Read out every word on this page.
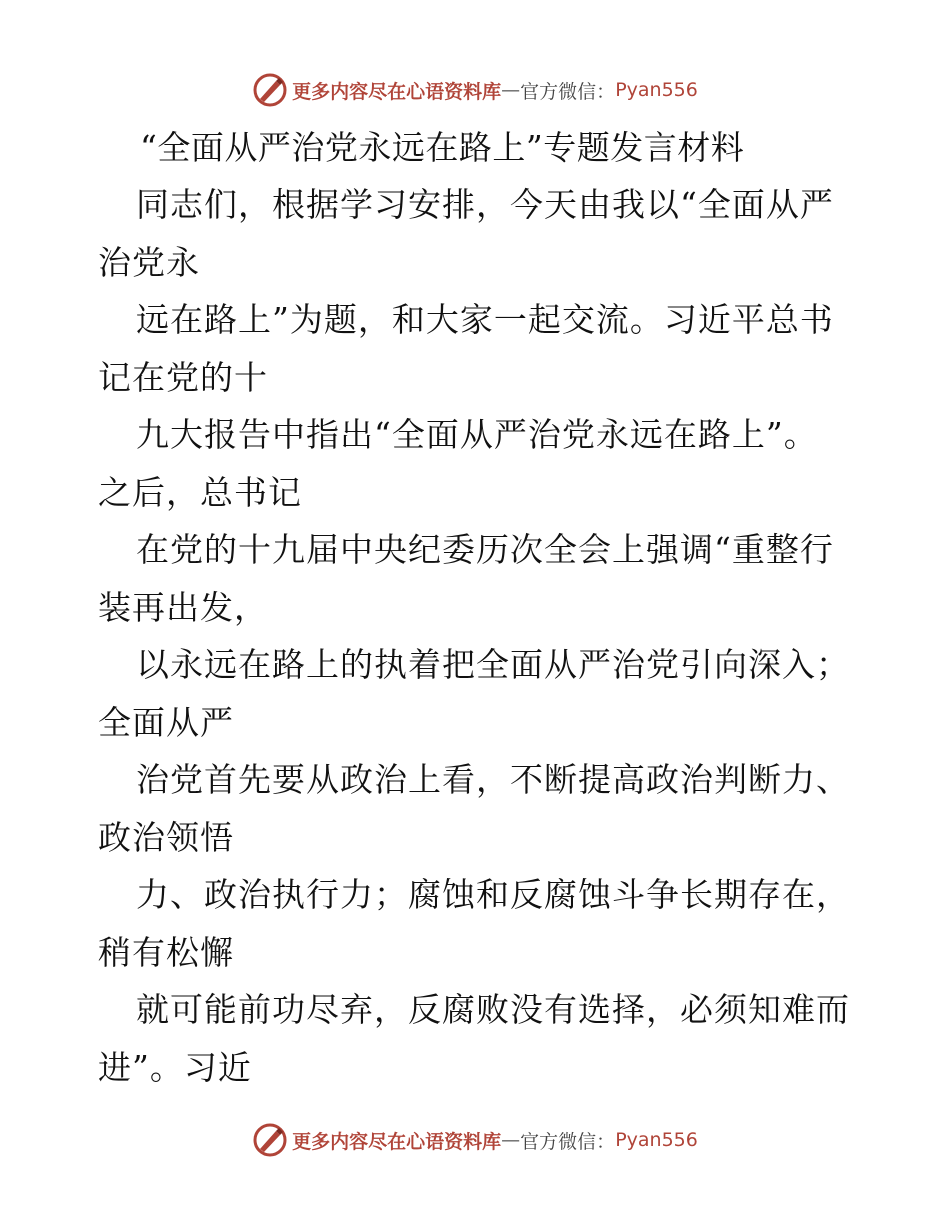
更多内容尽在心语资料库 — 官方微信： Pyan556
“全面从严治党永远在路上”专题发言材料
同志们，根据学习安排，今天由我以“全面从严
治党永
远在路上”为题，和大家一起交流。习近平总书
记在党的十
九大报告中指出“全面从严治党永远在路上”。
之后，总书记
在党的十九届中央纪委历次全会上强调“重整行
装再出发，
以永远在路上的执着把全面从严治党引向深入；
全面从严
治党首先要从政治上看，不断提高政治判断力、
政治领悟
力、政治执行力；腐蚀和反腐蚀斗争长期存在，
稍有松懈
就可能前功尽弃，反腐败没有选择，必须知难而
进”。习近
更多内容尽在心语资料库 — 官方微信： Pyan556
